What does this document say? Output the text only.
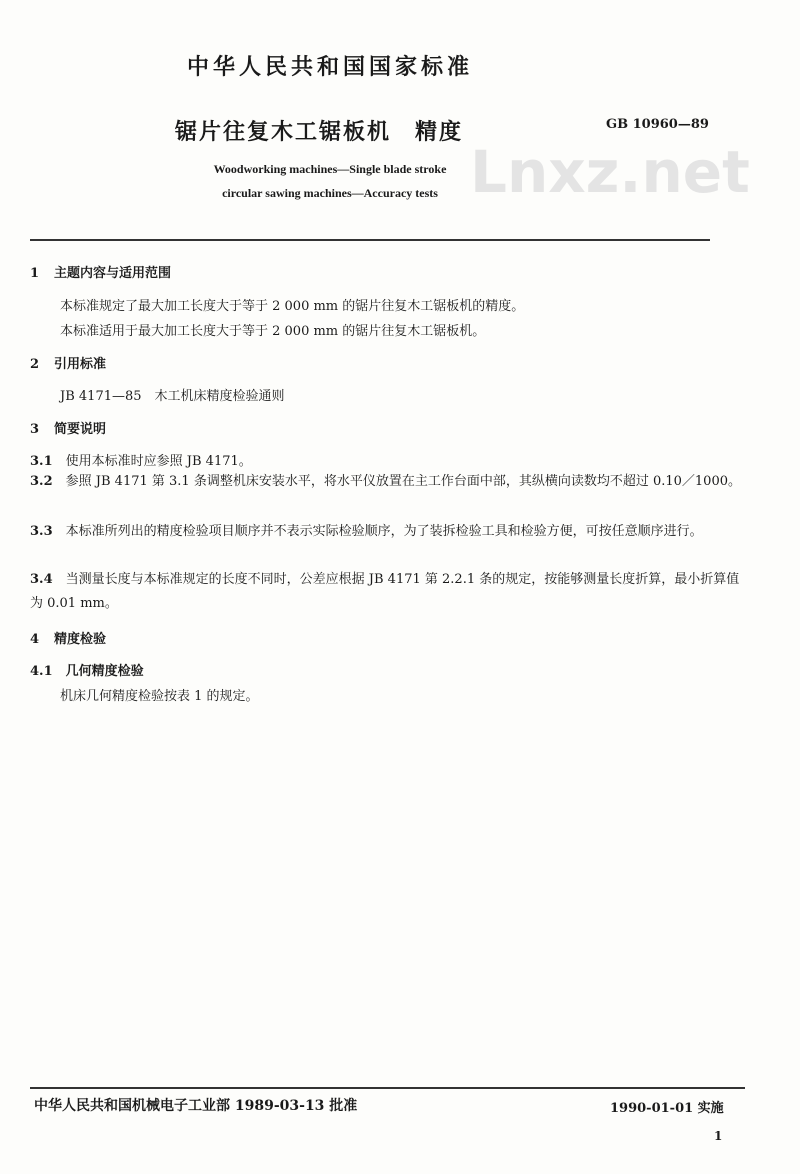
Lnxz.net
中华人民共和国国家标准
锯片往复木工锯板机　精度	GB 10960—89
Woodworking machines—Single blade stroke
circular sawing machines—Accuracy tests
1 主题内容与适用范围
本标准规定了最大加工长度大于等于 2 000 mm 的锯片往复木工锯板机的精度。
本标准适用于最大加工长度大于等于 2 000 mm 的锯片往复木工锯板机。
2 引用标准
JB 4171—85　木工机床精度检验通则
3 简要说明
3.1　 使用本标准时应参照 JB 4171。
3.2　 参照 JB 4171 第 3.1 条调整机床安装水平，将水平仪放置在主工作台面中部，其纵横向读数均不超过 0.10／1000。
3.3　 本标准所列出的精度检验项目顺序并不表示实际检验顺序，为了装拆检验工具和检验方便，可按任意顺序进行。
3.4　 当测量长度与本标准规定的长度不同时，公差应根据 JB 4171 第 2.2.1 条的规定，按能够测量长度折算，最小折算值为 0.01 mm。
4 精度检验
4.1　 几何精度检验
机床几何精度检验按表 1 的规定。
中华人民共和国机械电子工业部 1989-03-13 批准	1990-01-01 实施
1
